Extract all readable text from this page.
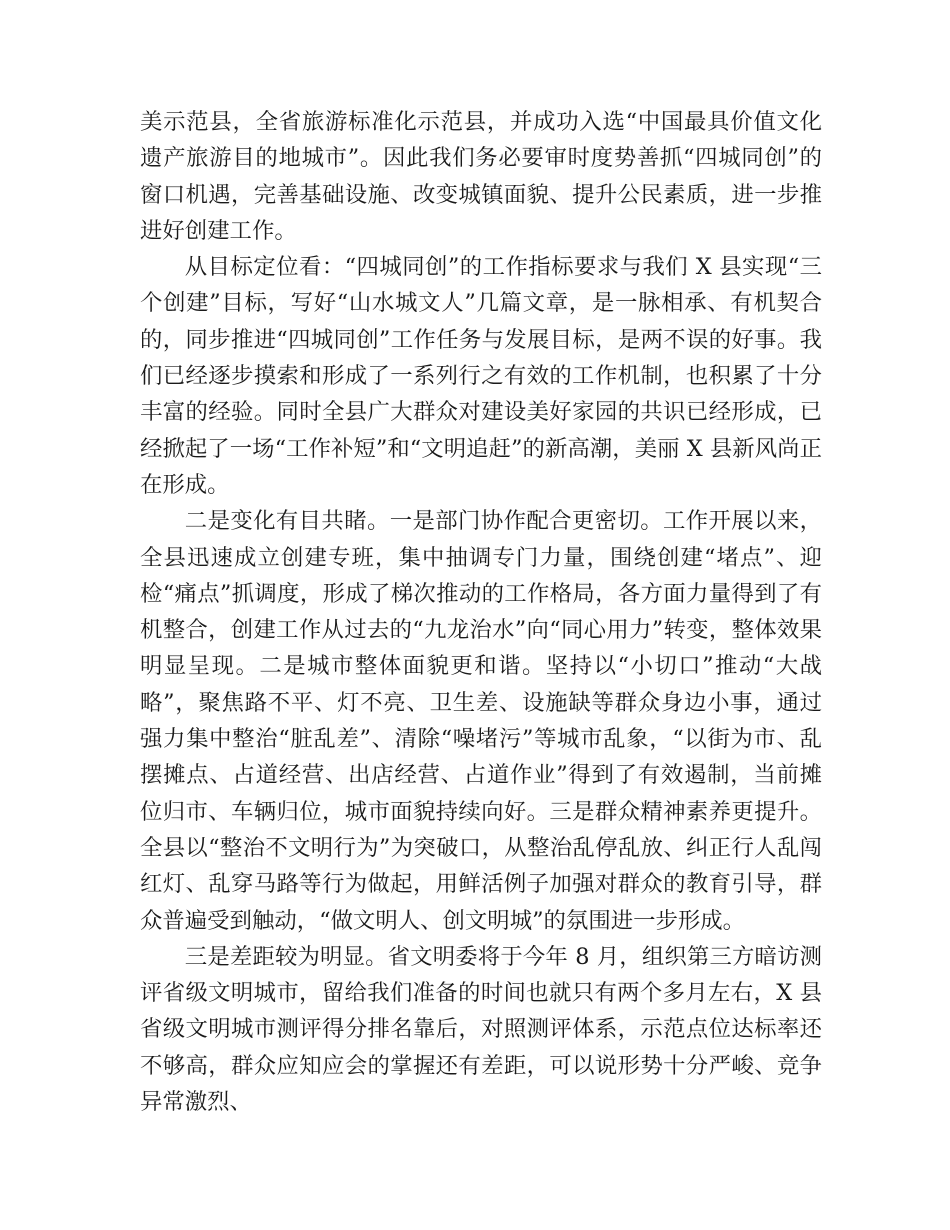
美示范县，全省旅游标准化示范县，并成功入选“中国最具价值文化遗产旅游目的地城市”。因此我们务必要审时度势善抓“四城同创”的窗口机遇，完善基础设施、改变城镇面貌、提升公民素质，进一步推进好创建工作。

从目标定位看：“四城同创”的工作指标要求与我们 X 县实现“三个创建”目标，写好“山水城文人”几篇文章，是一脉相承、有机契合的，同步推进“四城同创”工作任务与发展目标，是两不误的好事。我们已经逐步摸索和形成了一系列行之有效的工作机制，也积累了十分丰富的经验。同时全县广大群众对建设美好家园的共识已经形成，已经掀起了一场“工作补短”和“文明追赶”的新高潮，美丽 X 县新风尚正在形成。

二是变化有目共睹。一是部门协作配合更密切。工作开展以来，全县迅速成立创建专班，集中抽调专门力量，围绕创建“堵点”、迎检“痛点”抓调度，形成了梯次推动的工作格局，各方面力量得到了有机整合，创建工作从过去的“九龙治水”向“同心用力”转变，整体效果明显呈现。二是城市整体面貌更和谐。坚持以“小切口”推动“大战略”，聚焦路不平、灯不亮、卫生差、设施缺等群众身边小事，通过强力集中整治“脏乱差”、清除“噪堵污”等城市乱象，“以街为市、乱摆摊点、占道经营、出店经营、占道作业”得到了有效遏制，当前摊位归市、车辆归位，城市面貌持续向好。三是群众精神素养更提升。全县以“整治不文明行为”为突破口，从整治乱停乱放、纠正行人乱闯红灯、乱穿马路等行为做起，用鲜活例子加强对群众的教育引导，群众普遍受到触动，“做文明人、创文明城”的氛围进一步形成。

三是差距较为明显。省文明委将于今年 8 月，组织第三方暗访测评省级文明城市，留给我们准备的时间也就只有两个多月左右，X 县省级文明城市测评得分排名靠后，对照测评体系，示范点位达标率还不够高，群众应知应会的掌握还有差距，可以说形势十分严峻、竞争异常激烈、
